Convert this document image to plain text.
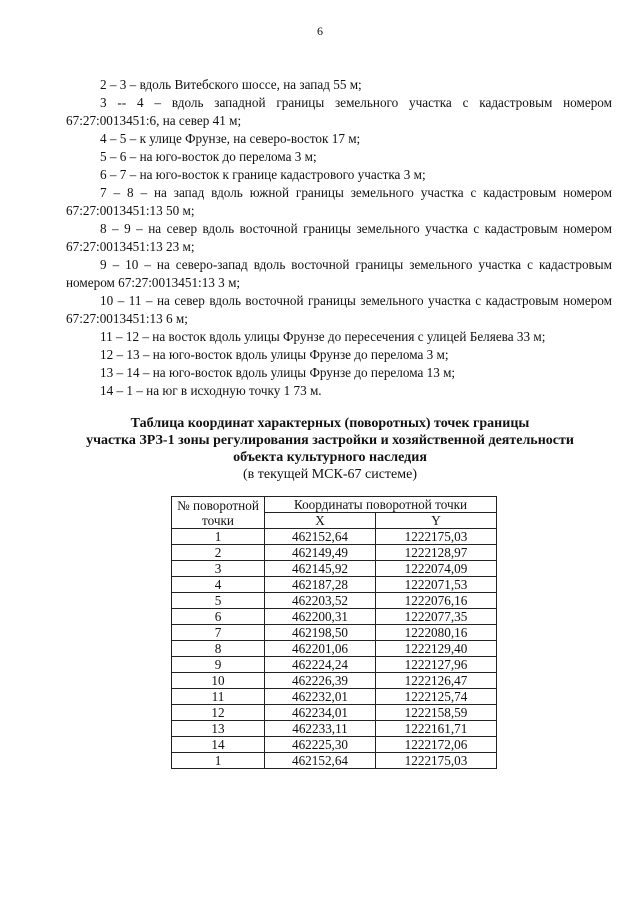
6

2 – 3 – вдоль Витебского шоссе, на запад 55 м;

3 -- 4 – вдоль западной границы земельного участка с кадастровым номером 67:27:0013451:6, на север 41 м;

4 – 5 – к улице Фрунзе, на северо-восток 17 м;

5 – 6 – на юго-восток до перелома 3 м;

6 – 7 – на юго-восток к границе кадастрового участка 3 м;

7 – 8 – на запад вдоль южной границы земельного участка с кадастровым номером 67:27:0013451:13 50 м;

8 – 9 – на север вдоль восточной границы земельного участка с кадастровым номером 67:27:0013451:13 23 м;

9 – 10 – на северо-запад вдоль восточной границы земельного участка с кадастровым номером 67:27:0013451:13 3 м;

10 – 11 – на север вдоль восточной границы земельного участка с кадастровым номером 67:27:0013451:13 6 м;

11 – 12 – на восток вдоль улицы Фрунзе до пересечения с улицей Беляева 33 м;

12 – 13 – на юго-восток вдоль улицы Фрунзе до перелома 3 м;

13 – 14 – на юго-восток вдоль улицы Фрунзе до перелома 13 м;

14 – 1 – на юг в исходную точку 1 73 м.

Таблица координат характерных (поворотных) точек границы
участка ЗРЗ-1 зоны регулирования застройки и хозяйственной деятельности
объекта культурного наследия
(в текущей МСК-67 системе)
№ поворотной точки	Координаты поворотной точки	
	X	Y
1	462152,64	1222175,03
2	462149,49	1222128,97
3	462145,92	1222074,09
4	462187,28	1222071,53
5	462203,52	1222076,16
6	462200,31	1222077,35
7	462198,50	1222080,16
8	462201,06	1222129,40
9	462224,24	1222127,96
10	462226,39	1222126,47
11	462232,01	1222125,74
12	462234,01	1222158,59
13	462233,11	1222161,71
14	462225,30	1222172,06
1	462152,64	1222175,03
